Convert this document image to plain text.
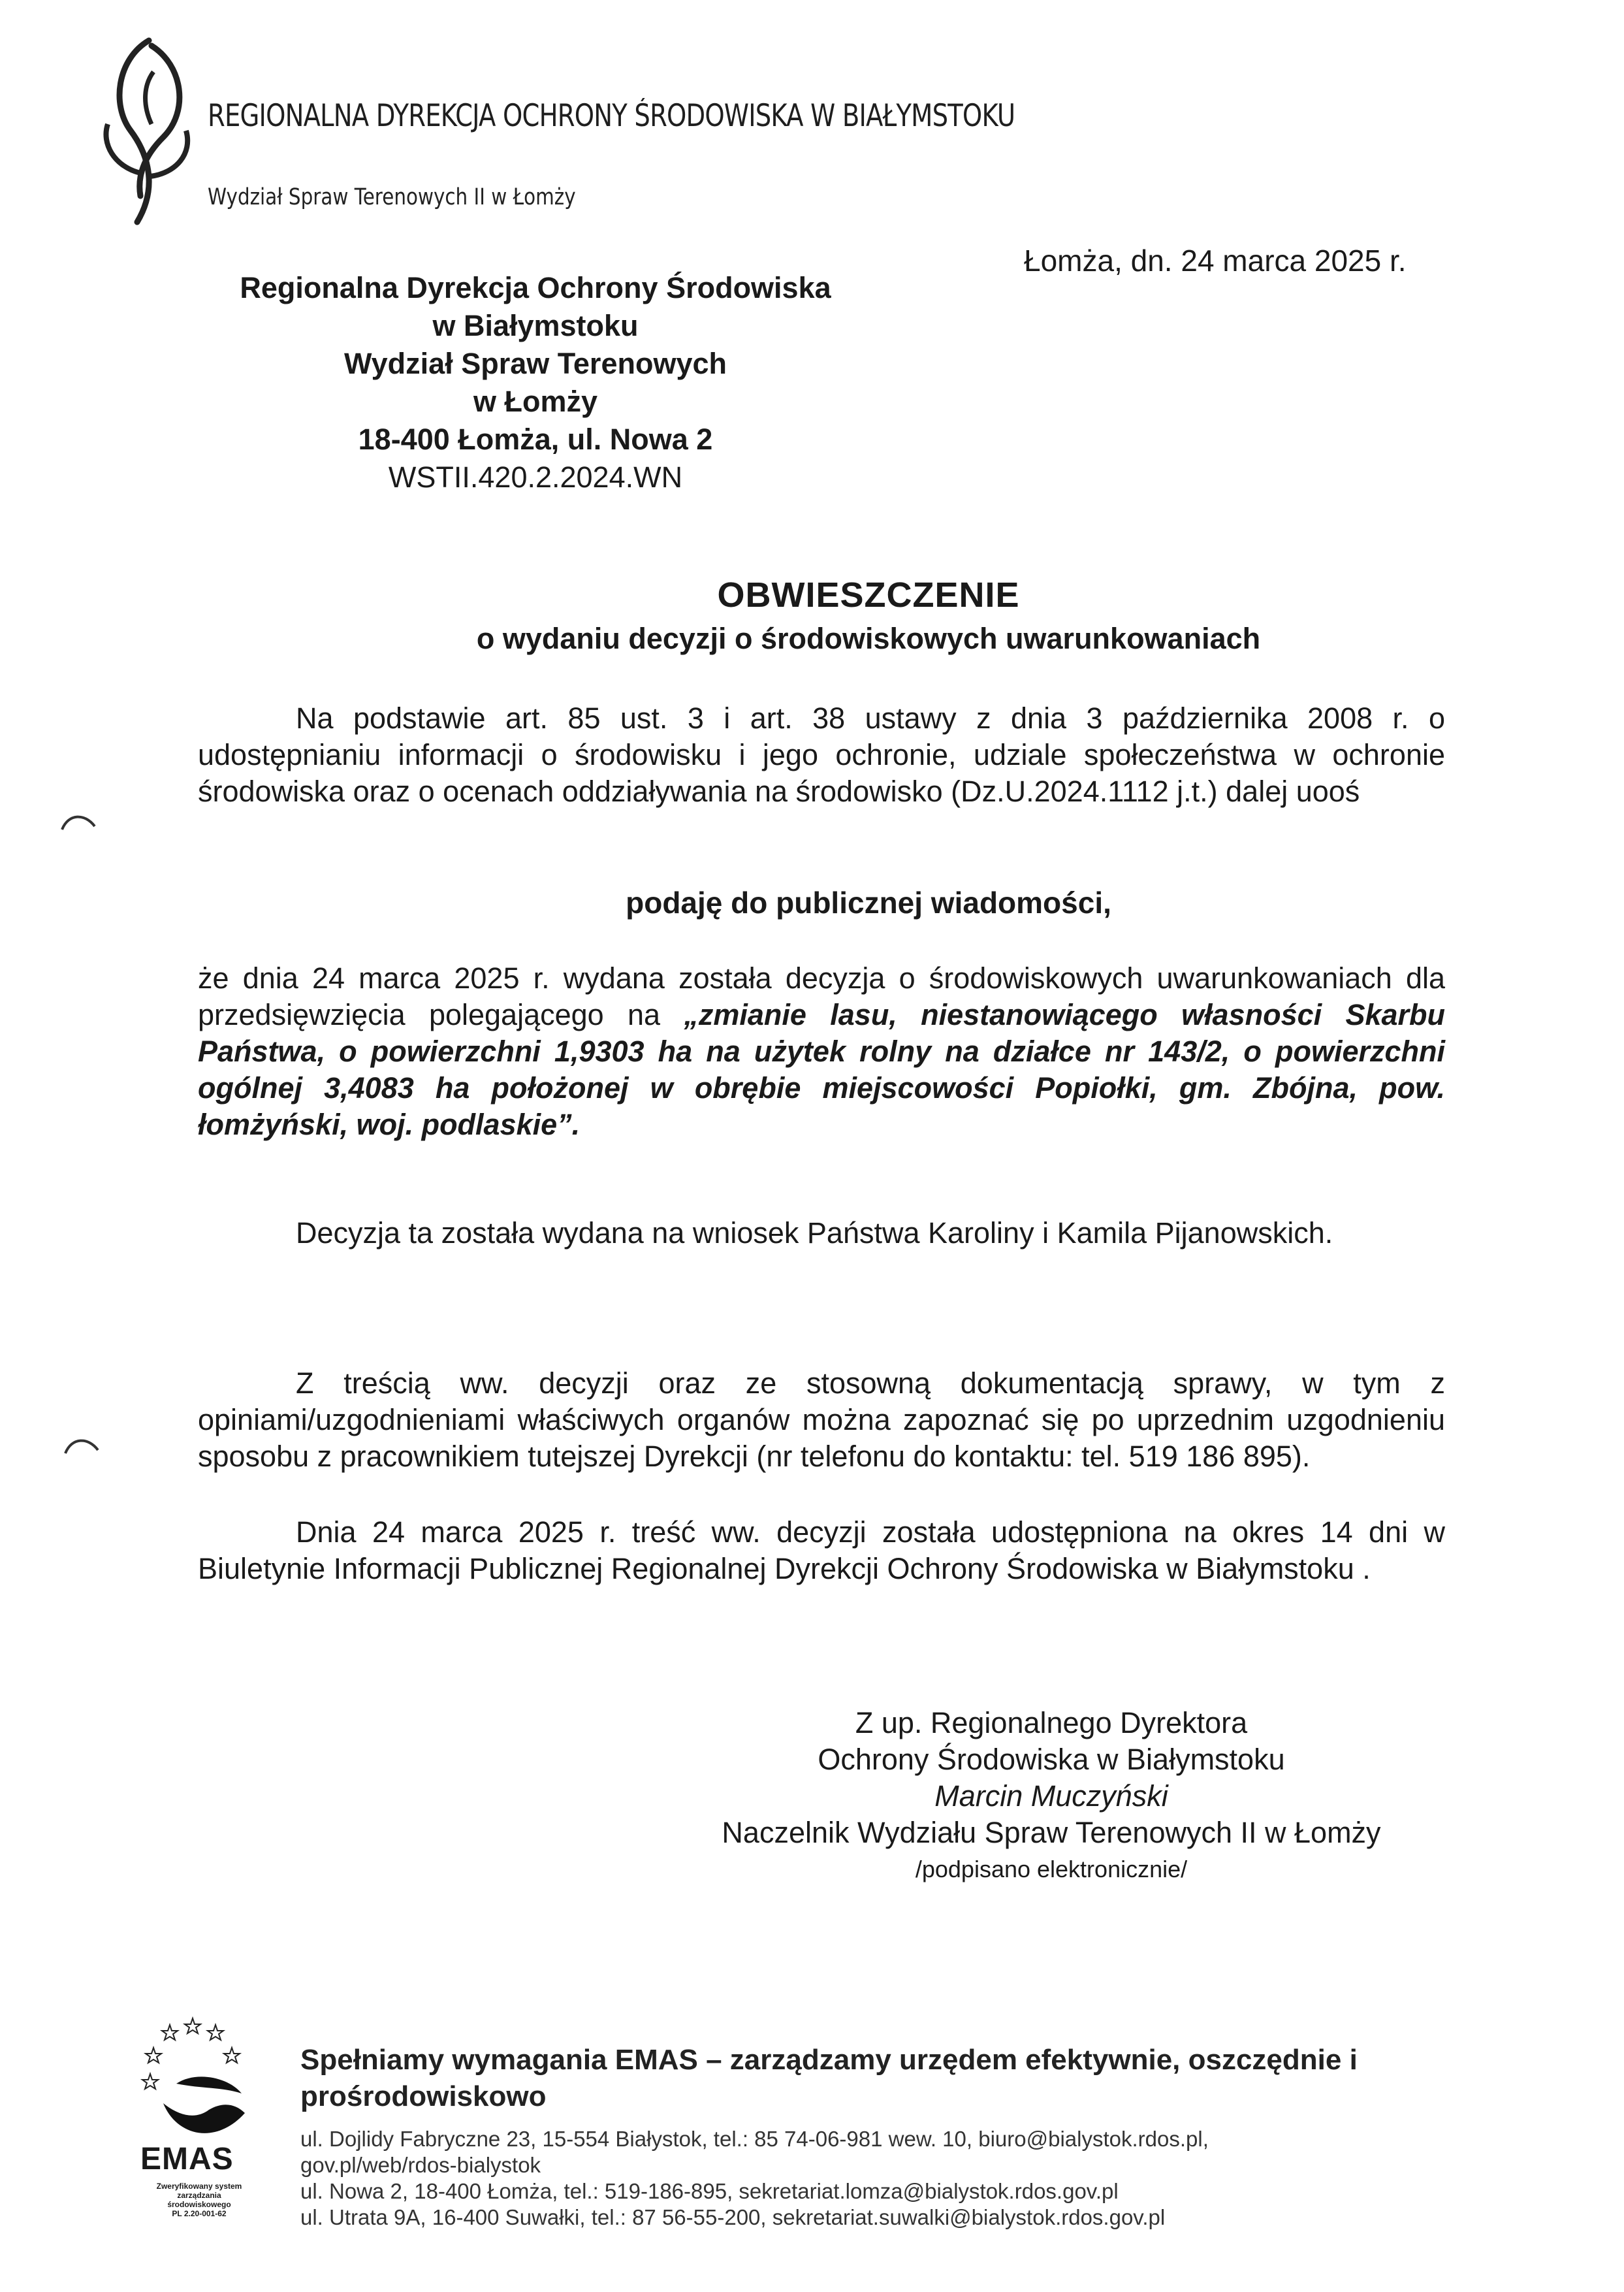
REGIONALNA DYREKCJA OCHRONY ŚRODOWISKA W BIAŁYMSTOKU
Wydział Spraw Terenowych II w Łomży
Łomża, dn. 24 marca 2025 r.
Regionalna Dyrekcja Ochrony Środowiska
w Białymstoku
Wydział Spraw Terenowych
w Łomży
18-400 Łomża, ul. Nowa 2
WSTII.420.2.2024.WN
OBWIESZCZENIE
o wydaniu decyzji o środowiskowych uwarunkowaniach
Na podstawie art. 85 ust. 3 i art. 38 ustawy z dnia 3 października 2008 r. o udostępnianiu informacji o środowisku i jego ochronie, udziale społeczeństwa w ochronie środowiska oraz o ocenach oddziaływania na środowisko (Dz.U.2024.1112 j.t.) dalej uooś
podaję do publicznej wiadomości,
że dnia 24 marca 2025 r. wydana została decyzja o środowiskowych uwarunkowaniach dla przedsięwzięcia polegającego na „zmianie lasu, niestanowiącego własności Skarbu Państwa, o powierzchni 1,9303 ha na użytek rolny na działce nr 143/2, o powierzchni ogólnej 3,4083 ha położonej w obrębie miejscowości Popiołki, gm. Zbójna, pow. łomżyński, woj. podlaskie”.
Decyzja ta została wydana na wniosek Państwa Karoliny i Kamila Pijanowskich.
Z treścią ww. decyzji oraz ze stosowną dokumentacją sprawy, w tym z opiniami/uzgodnieniami właściwych organów można zapoznać się po uprzednim uzgodnieniu sposobu z pracownikiem tutejszej Dyrekcji (nr telefonu do kontaktu: tel. 519 186 895).
Dnia 24 marca 2025 r. treść ww. decyzji została udostępniona na okres 14 dni w Biuletynie Informacji Publicznej Regionalnej Dyrekcji Ochrony Środowiska w Białymstoku .
Z up. Regionalnego Dyrektora
Ochrony Środowiska w Białymstoku
Marcin Muczyński
Naczelnik Wydziału Spraw Terenowych II w Łomży
/podpisano elektronicznie/
EMAS
Zweryfikowany system
zarządzania
środowiskowego
PL 2.20-001-62
Spełniamy wymagania EMAS – zarządzamy urzędem efektywnie, oszczędnie i prośrodowiskowo
ul. Dojlidy Fabryczne 23, 15-554 Białystok, tel.: 85 74-06-981 wew. 10, biuro@bialystok.rdos.pl,
gov.pl/web/rdos-bialystok
ul. Nowa 2, 18-400 Łomża, tel.: 519-186-895, sekretariat.lomza@bialystok.rdos.gov.pl
ul. Utrata 9A, 16-400 Suwałki, tel.: 87 56-55-200, sekretariat.suwalki@bialystok.rdos.gov.pl
